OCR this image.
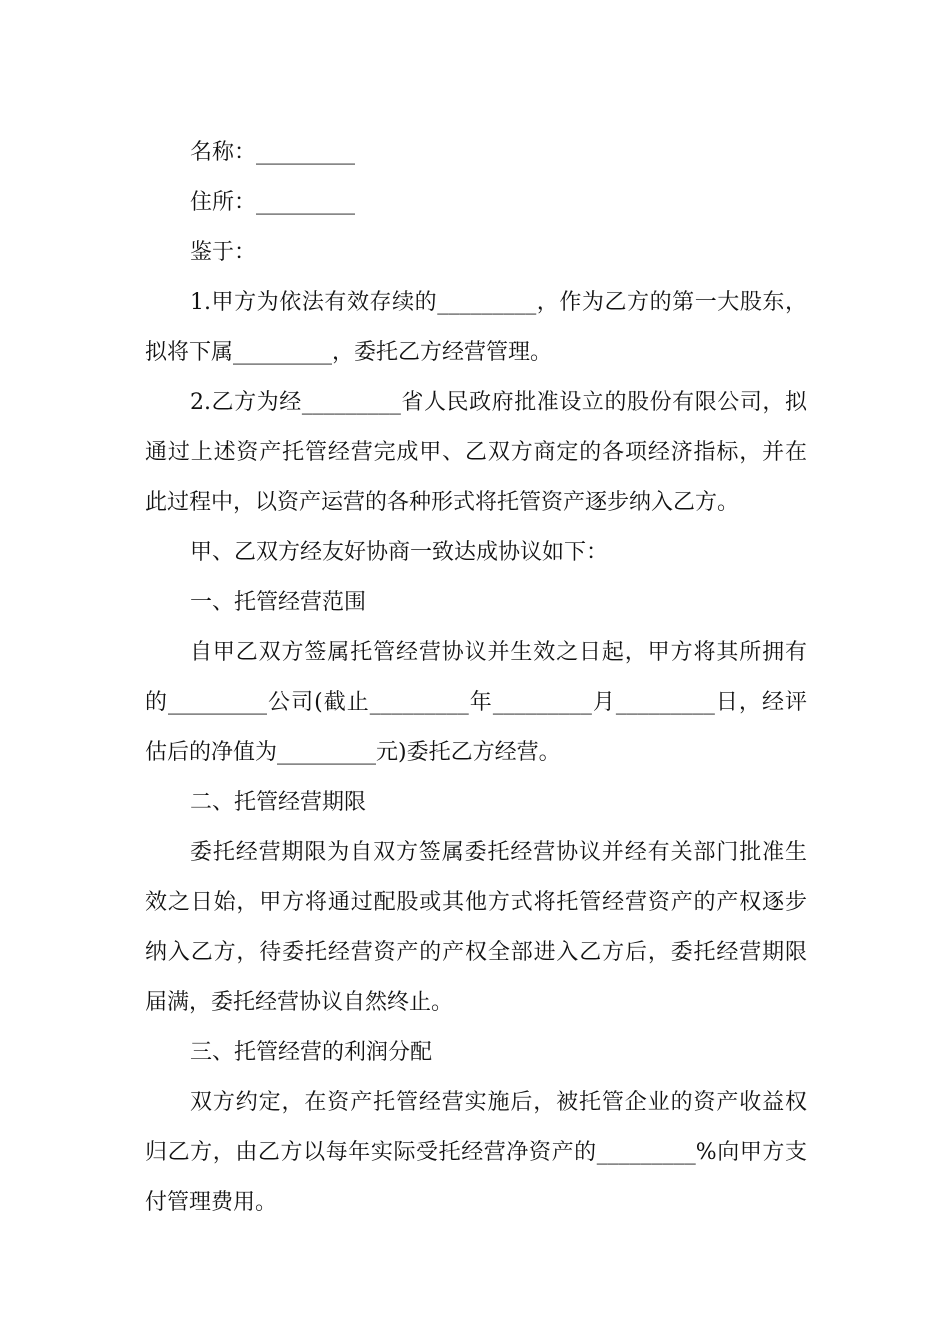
名称：_________
住所：_________
鉴于：
1.甲方为依法有效存续的_________，作为乙方的第一大股东，
拟将下属_________，委托乙方经营管理。
2.乙方为经_________省人民政府批准设立的股份有限公司，拟
通过上述资产托管经营完成甲、乙双方商定的各项经济指标，并在
此过程中，以资产运营的各种形式将托管资产逐步纳入乙方。
甲、乙双方经友好协商一致达成协议如下：
一、托管经营范围
自甲乙双方签属托管经营协议并生效之日起，甲方将其所拥有
的_________公司(截止_________年_________月_________日，经评
估后的净值为_________元)委托乙方经营。
二、托管经营期限
委托经营期限为自双方签属委托经营协议并经有关部门批准生
效之日始，甲方将通过配股或其他方式将托管经营资产的产权逐步
纳入乙方，待委托经营资产的产权全部进入乙方后，委托经营期限
届满，委托经营协议自然终止。
三、托管经营的利润分配
双方约定，在资产托管经营实施后，被托管企业的资产收益权
归乙方，由乙方以每年实际受托经营净资产的_________%向甲方支
付管理费用。
